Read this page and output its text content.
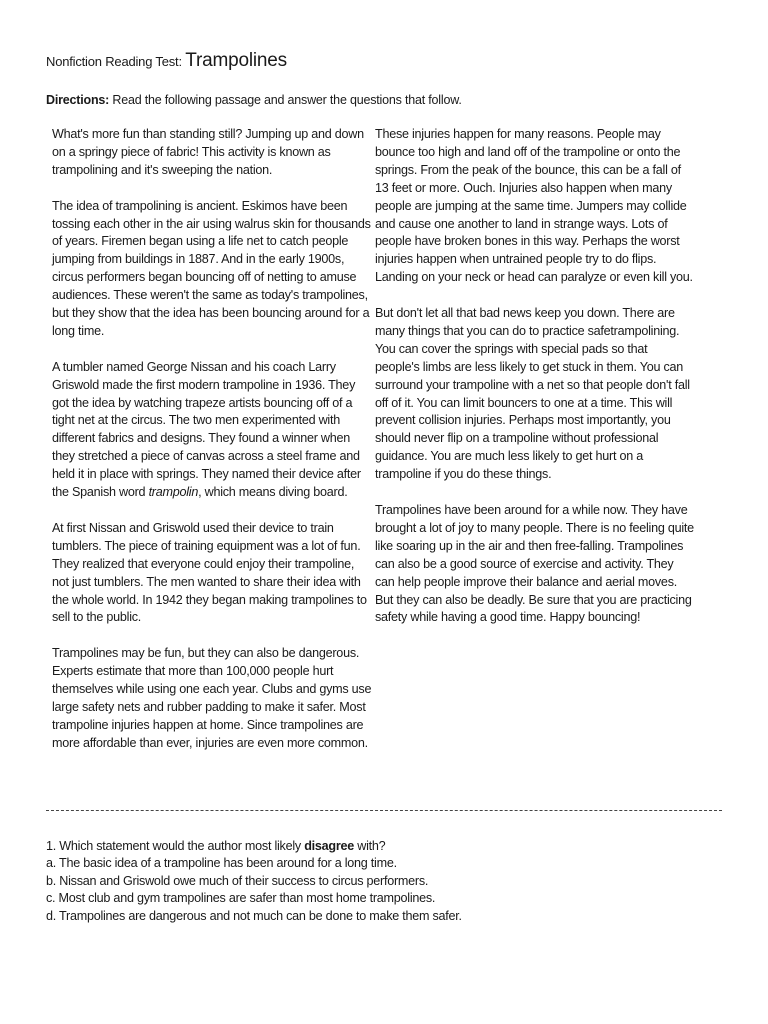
Nonfiction Reading Test: Trampolines
Directions: Read the following passage and answer the questions that follow.

What's more fun than standing still? Jumping up and down on a springy piece of fabric! This activity is known as trampolining and it's sweeping the nation.

The idea of trampolining is ancient. Eskimos have been tossing each other in the air using walrus skin for thousands of years. Firemen began using a life net to catch people jumping from buildings in 1887. And in the early 1900s, circus performers began bouncing off of netting to amuse audiences. These weren't the same as today's trampolines, but they show that the idea has been bouncing around for a long time.

A tumbler named George Nissan and his coach Larry Griswold made the first modern trampoline in 1936. They got the idea by watching trapeze artists bouncing off of a tight net at the circus. The two men experimented with different fabrics and designs. They found a winner when they stretched a piece of canvas across a steel frame and held it in place with springs. They named their device after the Spanish word trampolin, which means diving board.

At first Nissan and Griswold used their device to train tumblers. The piece of training equipment was a lot of fun. They realized that everyone could enjoy their trampoline, not just tumblers. The men wanted to share their idea with the whole world. In 1942 they began making trampolines to sell to the public.

Trampolines may be fun, but they can also be dangerous. Experts estimate that more than 100,000 people hurt themselves while using one each year. Clubs and gyms use large safety nets and rubber padding to make it safer. Most trampoline injuries happen at home. Since trampolines are more affordable than ever, injuries are even more common.

These injuries happen for many reasons. People may bounce too high and land off of the trampoline or onto the springs. From the peak of the bounce, this can be a fall of 13 feet or more. Ouch. Injuries also happen when many people are jumping at the same time. Jumpers may collide and cause one another to land in strange ways. Lots of people have broken bones in this way. Perhaps the worst injuries happen when untrained people try to do flips. Landing on your neck or head can paralyze or even kill you.

But don't let all that bad news keep you down. There are many things that you can do to practice safetrampolining. You can cover the springs with special pads so that people's limbs are less likely to get stuck in them. You can surround your trampoline with a net so that people don't fall off of it. You can limit bouncers to one at a time. This will prevent collision injuries. Perhaps most importantly, you should never flip on a trampoline without professional guidance. You are much less likely to get hurt on a trampoline if you do these things.

Trampolines have been around for a while now. They have brought a lot of joy to many people. There is no feeling quite like soaring up in the air and then free-falling. Trampolines can also be a good source of exercise and activity. They can help people improve their balance and aerial moves. But they can also be deadly. Be sure that you are practicing safety while having a good time. Happy bouncing!

1. Which statement would the author most likely disagree with?
a. The basic idea of a trampoline has been around for a long time.
b. Nissan and Griswold owe much of their success to circus performers.
c. Most club and gym trampolines are safer than most home trampolines.
d. Trampolines are dangerous and not much can be done to make them safer.
